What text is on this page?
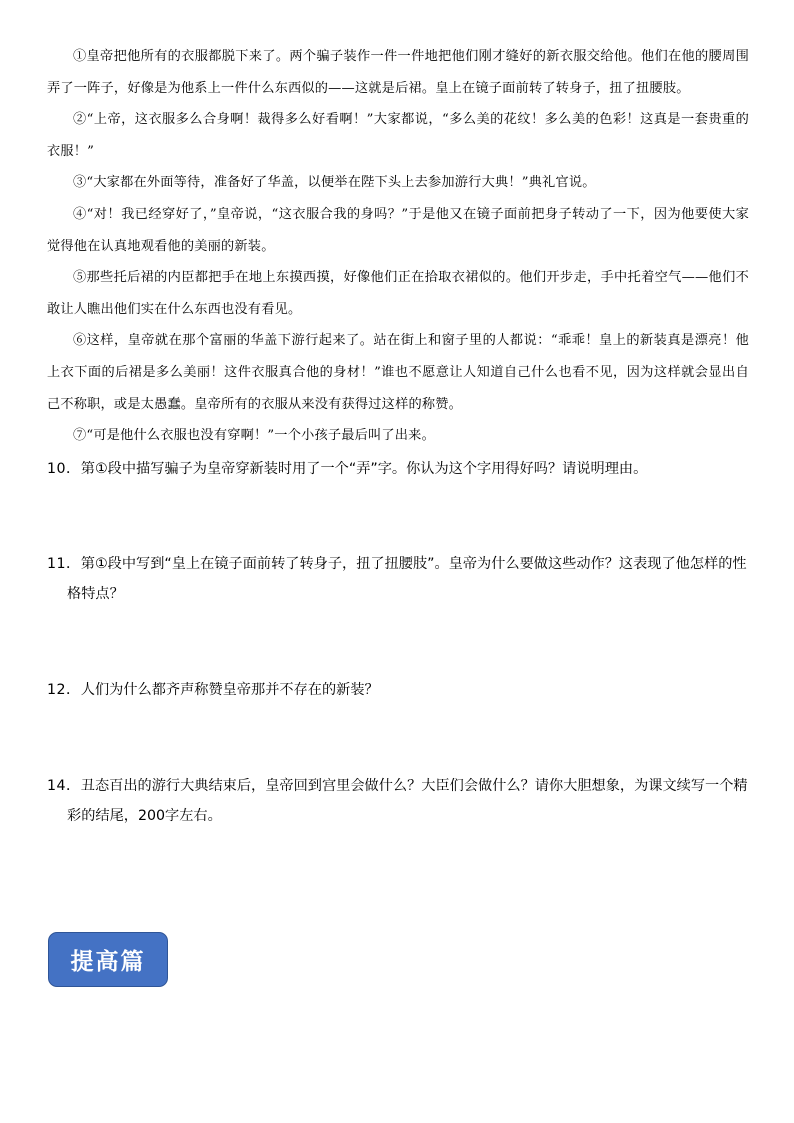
①皇帝把他所有的衣服都脱下来了。两个骗子装作一件一件地把他们刚才缝好的新衣服交给他。他们在他的腰周围弄了一阵子，好像是为他系上一件什么东西似的——这就是后裙。皇上在镜子面前转了转身子，扭了扭腰肢。

②“上帝，这衣服多么合身啊！裁得多么好看啊！”大家都说，“多么美的花纹！多么美的色彩！这真是一套贵重的衣服！”

③“大家都在外面等待，准备好了华盖，以便举在陛下头上去参加游行大典！”典礼官说。

④“对！我已经穿好了，”皇帝说，“这衣服合我的身吗？”于是他又在镜子面前把身子转动了一下，因为他要使大家觉得他在认真地观看他的美丽的新装。

⑤那些托后裙的内臣都把手在地上东摸西摸，好像他们正在拾取衣裙似的。他们开步走，手中托着空气——他们不敢让人瞧出他们实在什么东西也没有看见。

⑥这样，皇帝就在那个富丽的华盖下游行起来了。站在街上和窗子里的人都说：“乖乖！皇上的新装真是漂亮！他上衣下面的后裙是多么美丽！这件衣服真合他的身材！”谁也不愿意让人知道自己什么也看不见，因为这样就会显出自己不称职，或是太愚蠢。皇帝所有的衣服从来没有获得过这样的称赞。

⑦“可是他什么衣服也没有穿啊！”一个小孩子最后叫了出来。

10．第①段中描写骗子为皇帝穿新装时用了一个“弄”字。你认为这个字用得好吗？请说明理由。
11．第①段中写到“皇上在镜子面前转了转身子，扭了扭腰肢”。皇帝为什么要做这些动作？这表现了他怎样的性格特点？
12．人们为什么都齐声称赞皇帝那并不存在的新装？
14．丑态百出的游行大典结束后，皇帝回到宫里会做什么？大臣们会做什么？请你大胆想象，为课文续写一个精彩的结尾，200字左右。
提高篇
